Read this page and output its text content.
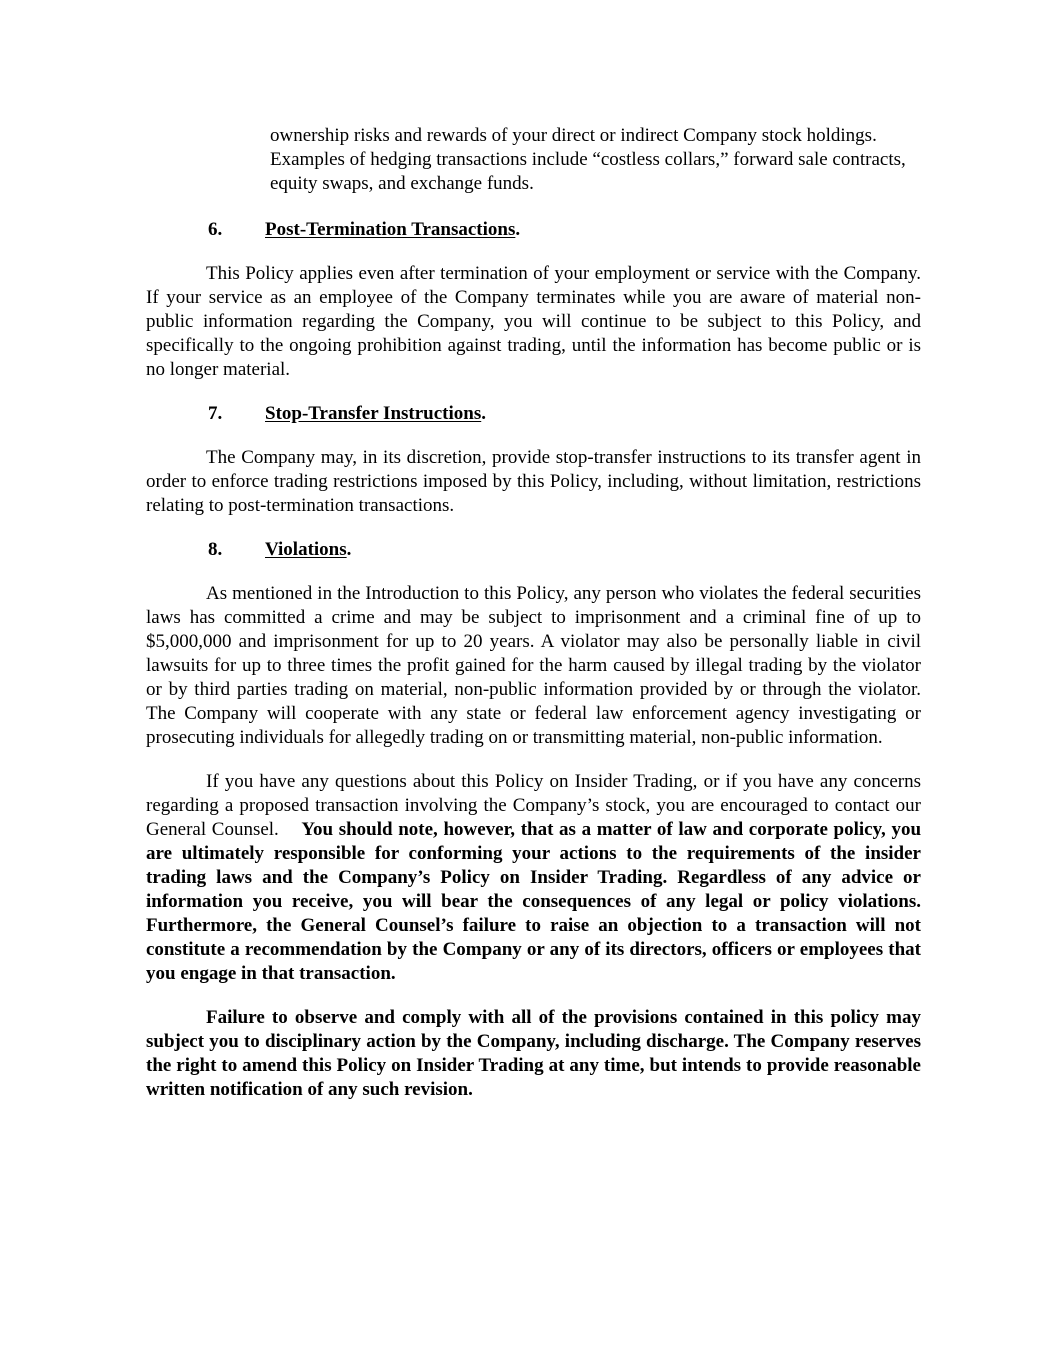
ownership risks and rewards of your direct or indirect Company stock holdings. Examples of hedging transactions include “costless collars,” forward sale contracts, equity swaps, and exchange funds.
6.	Post-Termination Transactions .

This Policy applies even after termination of your employment or service with the Company. If your service as an employee of the Company terminates while you are aware of material non-public information regarding the Company, you will continue to be subject to this Policy, and specifically to the ongoing prohibition against trading, until the information has become public or is no longer material.

7.	Stop-Transfer Instructions .

The Company may, in its discretion, provide stop-transfer instructions to its transfer agent in order to enforce trading restrictions imposed by this Policy, including, without limitation, restrictions relating to post-termination transactions.

8.	Violations .

As mentioned in the Introduction to this Policy, any person who violates the federal securities laws has committed a crime and may be subject to imprisonment and a criminal fine of up to $5,000,000 and imprisonment for up to 20 years. A violator may also be personally liable in civil lawsuits for up to three times the profit gained for the harm caused by illegal trading by the violator or by third parties trading on material, non-public information provided by or through the violator. The Company will cooperate with any state or federal law enforcement agency investigating or prosecuting individuals for allegedly trading on or transmitting material, non-public information.

If you have any questions about this Policy on Insider Trading, or if you have any concerns regarding a proposed transaction involving the Company’s stock, you are encouraged to contact our General Counsel. You should note, however, that as a matter of law and corporate policy, you are ultimately responsible for conforming your actions to the requirements of the insider trading laws and the Company’s Policy on Insider Trading. Regardless of any advice or information you receive, you will bear the consequences of any legal or policy violations. Furthermore, the General Counsel’s failure to raise an objection to a transaction will not constitute a recommendation by the Company or any of its directors, officers or employees that you engage in that transaction.

Failure to observe and comply with all of the provisions contained in this policy may subject you to disciplinary action by the Company, including discharge. The Company reserves the right to amend this Policy on Insider Trading at any time, but intends to provide reasonable written notification of any such revision.
